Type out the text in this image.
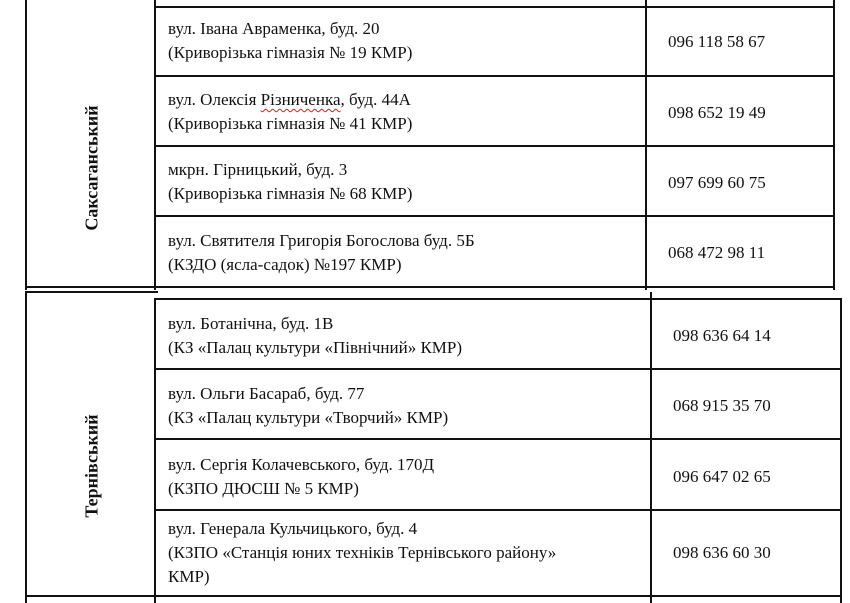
Саксаганський
Тернівський
вул. Івана Авраменка, буд. 20
(Криворізька гімназія № 19 КМР)
096 118 58 67
вул. Олексія Різниченка, буд. 44А
(Криворізька гімназія № 41 КМР)
098 652 19 49
мкрн. Гірницький, буд. 3
(Криворізька гімназія № 68 КМР)
097 699 60 75
вул. Святителя Григорія Богослова буд. 5Б
(КЗДО (ясла-садок) №197 КМР)
068 472 98 11
вул. Ботанічна, буд. 1В
(КЗ «Палац культури «Північний» КМР)
098 636 64 14
вул. Ольги Басараб, буд. 77
(КЗ «Палац культури «Творчий» КМР)
068 915 35 70
вул. Сергія Колачевського, буд. 170Д
(КЗПО ДЮСШ № 5 КМР)
096 647 02 65
вул. Генерала Кульчицького, буд. 4
(КЗПО «Станція юних техніків Тернівського району»
КМР)
098 636 60 30
